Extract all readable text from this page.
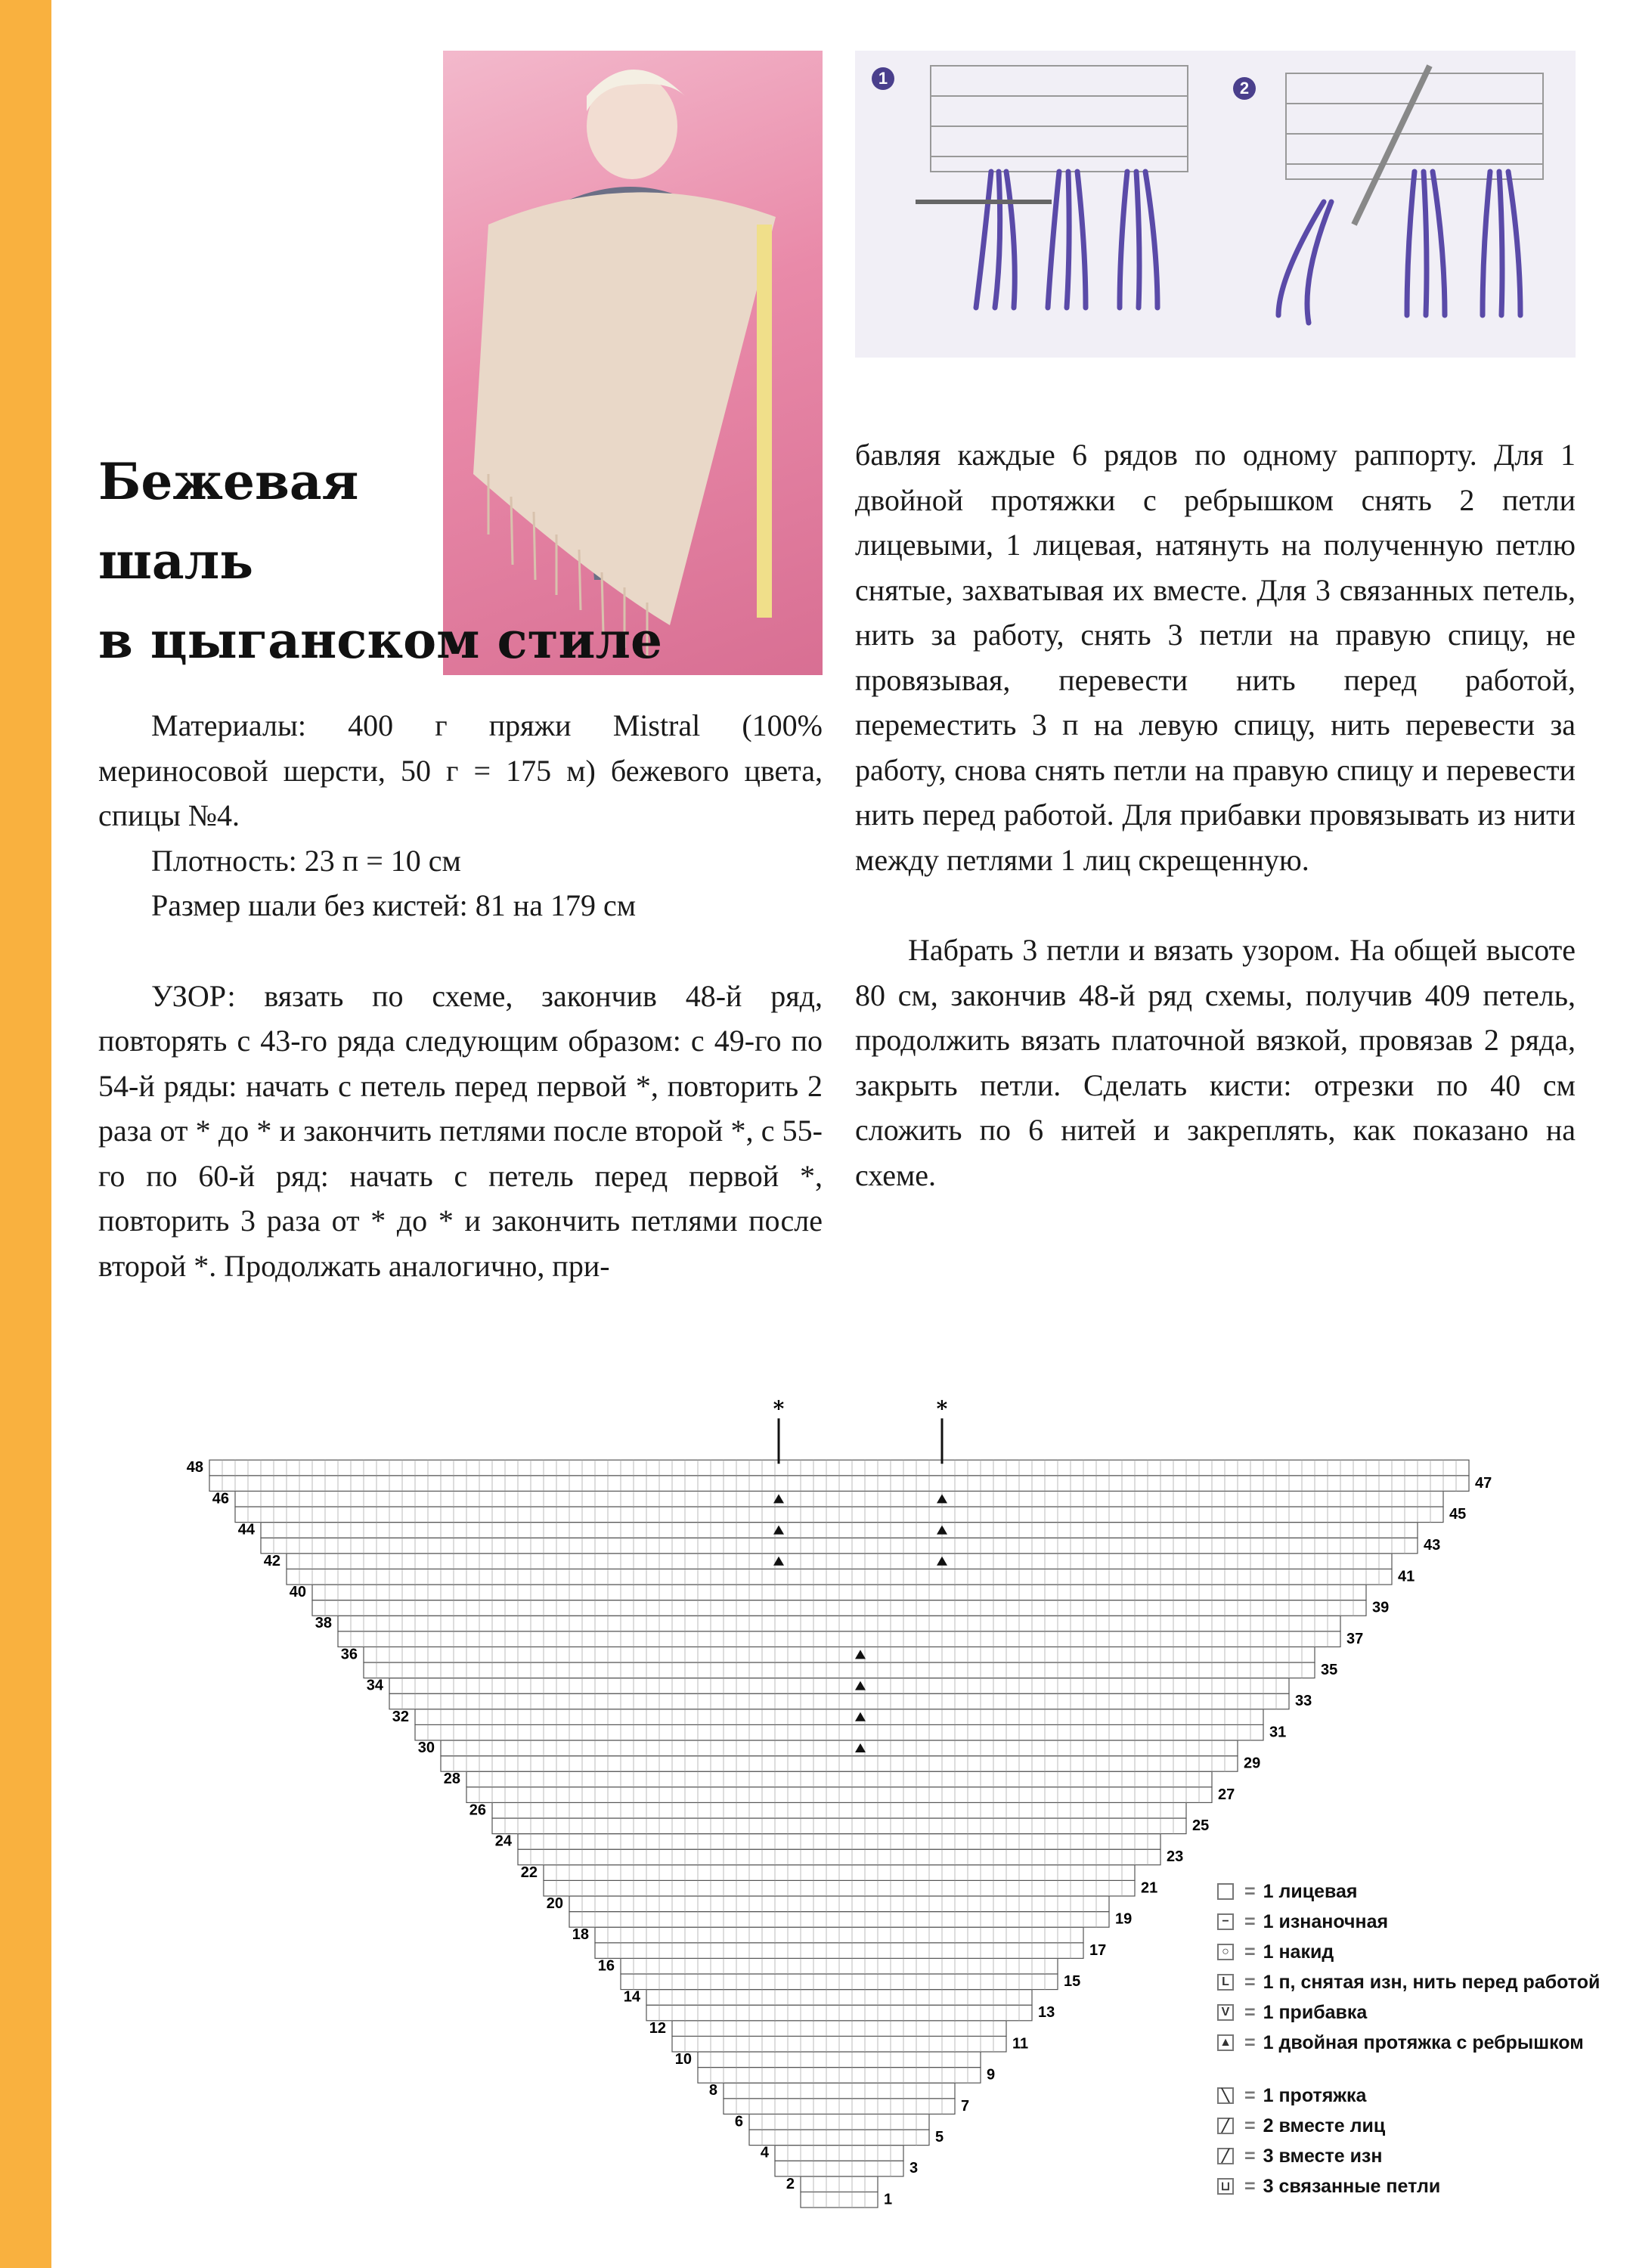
1
2
Бежевая
шаль
в цыганском стиле

Материалы: 400 г пряжи Mistral (100% мериносовой шерсти, 50 г = 175 м) бежевого цвета, спицы №4.

Плотность: 23 п = 10 см

Размер шали без кистей: 81 на 179 см

УЗОР: вязать по схеме, закончив 48-й ряд, повторять с 43-го ряда следующим образом: с 49-го по 54-й ряды: начать с петель перед первой *, повторить 2 раза от * до * и закончить петлями после второй *, с 55-го по 60-й ряд: начать с петель перед первой *, повторить 3 раза от * до * и закончить петлями после второй *. Продолжать аналогично, при-

бавляя каждые 6 рядов по одному раппорту. Для 1 двойной протяжки с ребрышком снять 2 петли лицевыми, 1 лицевая, натянуть на полученную петлю снятые, захватывая их вместе. Для 3 связанных петель, нить за работу, снять 3 петли на правую спицу, не провязывая, перевести нить перед работой, переместить 3 п на левую спицу, нить перевести за работу, снова снять петли на правую спицу и перевести нить перед работой. Для прибавки провязывать из нити между петлями 1 лиц скрещенную.

Набрать 3 петли и вязать узором. На общей высоте 80 см, закончив 48-й ряд схемы, получив 409 петель, продолжить вязать платочной вязкой, провязав 2 ряда, закрыть петли. Сделать кисти: отрезки по 40 см сложить по 6 нитей и закреплять, как показано на схеме.

48
46
44
42
40
38
36
34
32
30
28
26
24
22
20
18
16
14
12
10
8
6
4
2
47
45
43
41
39
37
35
33
31
29
27
25
23
21
19
17
15
13
11
9
7
5
3
1
*	*
= 1 лицевая
− = 1 изнаночная
○ = 1 накид
L = 1 п, снятая изн, нить перед работой
V = 1 прибавка
▲ = 1 двойная протяжка с ребрышком
╲ = 1 протяжка
╱ = 2 вместе лиц
╱ = 3 вместе изн
⊔ = 3 связанные петли
